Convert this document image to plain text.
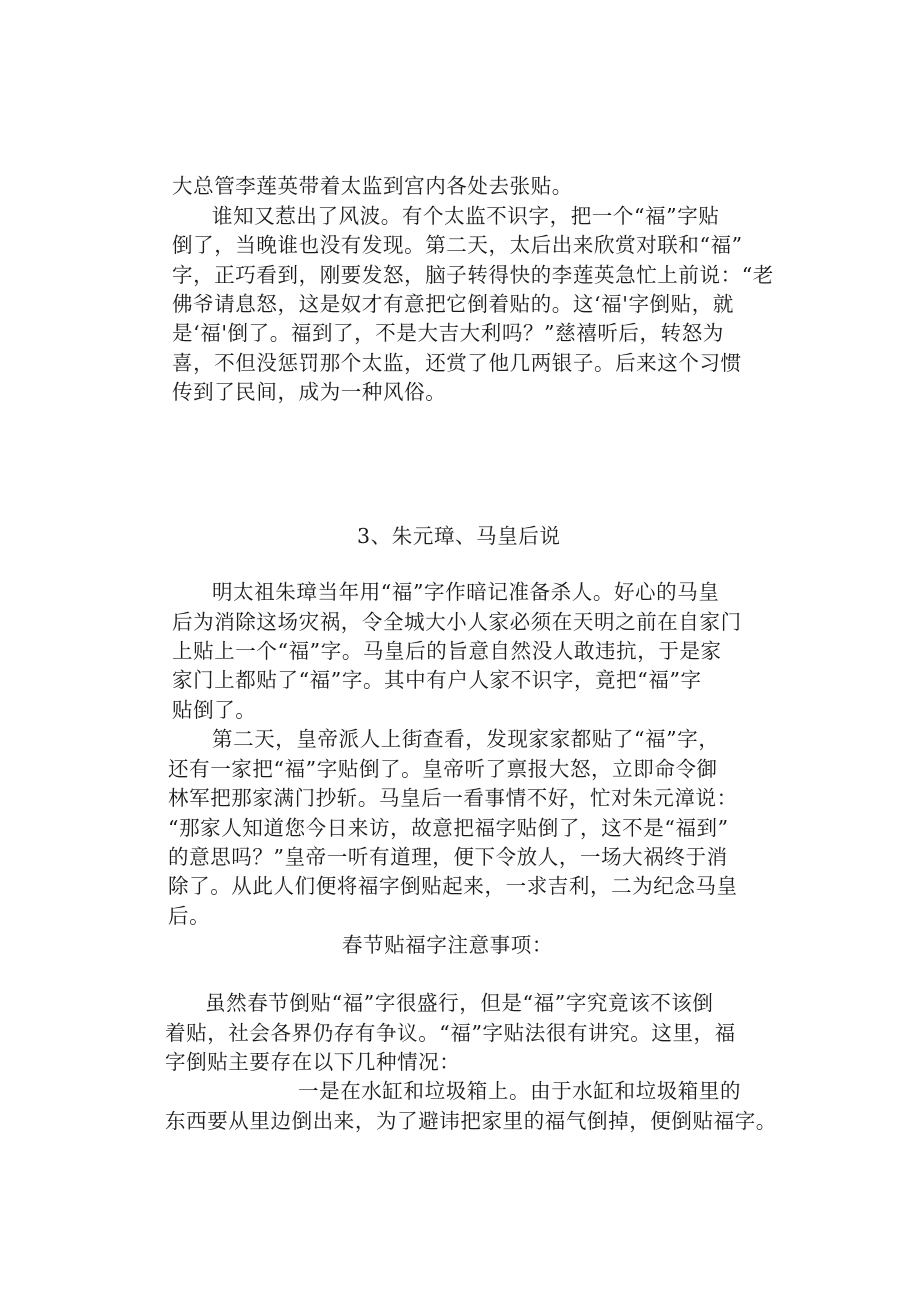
大总管李莲英带着太监到宫内各处去张贴。
谁知又惹出了风波。有个太监不识字，把一个“福”字贴
倒了，当晚谁也没有发现。第二天，太后出来欣赏对联和“福”
字，正巧看到，刚要发怒，脑子转得快的李莲英急忙上前说：“老
佛爷请息怒，这是奴才有意把它倒着贴的。这‘福'字倒贴，就
是‘福'倒了。福到了，不是大吉大利吗？”慈禧听后，转怒为
喜，不但没惩罚那个太监，还赏了他几两银子。后来这个习惯
传到了民间，成为一种风俗。
3、朱元璋、马皇后说
明太祖朱璋当年用“福”字作暗记准备杀人。好心的马皇
后为消除这场灾祸，令全城大小人家必须在天明之前在自家门
上贴上一个“福”字。马皇后的旨意自然没人敢违抗，于是家
家门上都贴了“福”字。其中有户人家不识字，竟把“福”字
贴倒了。
第二天，皇帝派人上街查看，发现家家都贴了“福”字，
还有一家把“福”字贴倒了。皇帝听了禀报大怒，立即命令御
林军把那家满门抄斩。马皇后一看事情不好，忙对朱元漳说：
“那家人知道您今日来访，故意把福字贴倒了，这不是“福到”
的意思吗？”皇帝一听有道理，便下令放人，一场大祸终于消
除了。从此人们便将福字倒贴起来，一求吉利，二为纪念马皇
后。
春节贴福字注意事项：
虽然春节倒贴“福”字很盛行，但是“福”字究竟该不该倒
着贴，社会各界仍存有争议。“福”字贴法很有讲究。这里，福
字倒贴主要存在以下几种情况：
一是在水缸和垃圾箱上。由于水缸和垃圾箱里的
东西要从里边倒出来，为了避讳把家里的福气倒掉，便倒贴福字。
